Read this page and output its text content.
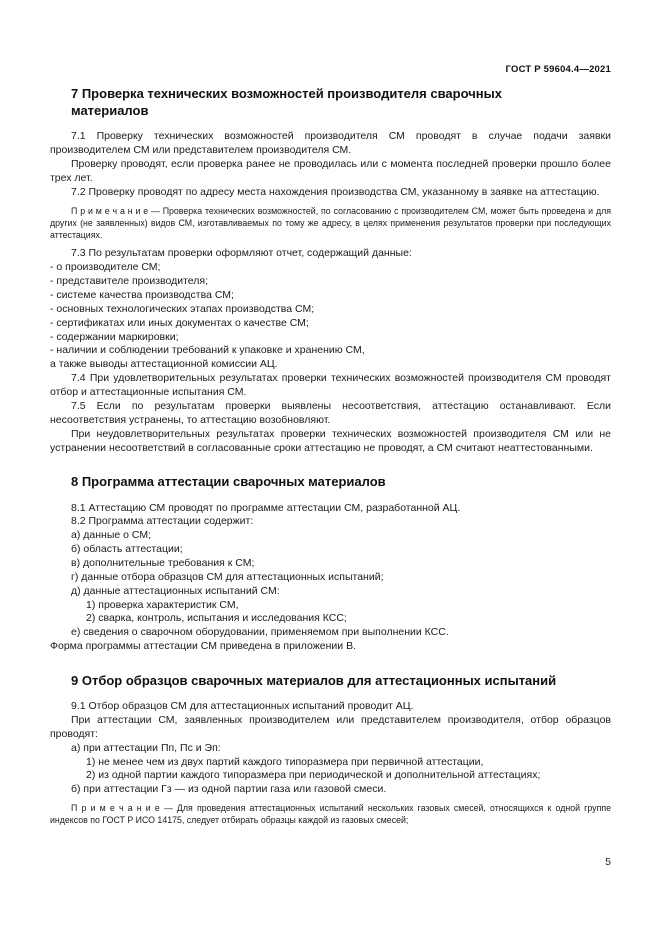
ГОСТ Р 59604.4—2021
7 Проверка технических возможностей производителя сварочных материалов

7.1 Проверку технических возможностей производителя СМ проводят в случае подачи заявки производителем СМ или представителем производителя СМ.

Проверку проводят, если проверка ранее не проводилась или с момента последней проверки прошло более трех лет.

7.2 Проверку проводят по адресу места нахождения производства СМ, указанному в заявке на аттестацию.

П р и м е ч а н и е — Проверка технических возможностей, по согласованию с производителем СМ, может быть проведена и для других (не заявленных) видов СМ, изготавливаемых по тому же адресу, в целях применения результатов проверки при последующих аттестациях.

7.3 По результатам проверки оформляют отчет, содержащий данные:

- о производителе СМ;

- представителе производителя;

- системе качества производства СМ;

- основных технологических этапах производства СМ;

- сертификатах или иных документах о качестве СМ;

- содержании маркировки;

- наличии и соблюдении требований к упаковке и хранению СМ,

а также выводы аттестационной комиссии АЦ.

7.4 При удовлетворительных результатах проверки технических возможностей производителя СМ проводят отбор и аттестационные испытания СМ.

7.5 Если по результатам проверки выявлены несоответствия, аттестацию останавливают. Если несоответствия устранены, то аттестацию возобновляют.

При неудовлетворительных результатах проверки технических возможностей производителя СМ или не устранении несоответствий в согласованные сроки аттестацию не проводят, а СМ считают неаттестованными.

8 Программа аттестации сварочных материалов

8.1 Аттестацию СМ проводят по программе аттестации СМ, разработанной АЦ.

8.2 Программа аттестации содержит:

а) данные о СМ;

б) область аттестации;

в) дополнительные требования к СМ;

г) данные отбора образцов СМ для аттестационных испытаний;

д) данные аттестационных испытаний СМ:

1) проверка характеристик СМ,

2) сварка, контроль, испытания и исследования КСС;

е) сведения о сварочном оборудовании, применяемом при выполнении КСС.

Форма программы аттестации СМ приведена в приложении В.

9 Отбор образцов сварочных материалов для аттестационных испытаний

9.1 Отбор образцов СМ для аттестационных испытаний проводит АЦ.

При аттестации СМ, заявленных производителем или представителем производителя, отбор образцов проводят:

а) при аттестации Пп, Пс и Эп:

1) не менее чем из двух партий каждого типоразмера при первичной аттестации,

2) из одной партии каждого типоразмера при периодической и дополнительной аттестациях;

б) при аттестации Гз — из одной партии газа или газовой смеси.

П р и м е ч а н и е — Для проведения аттестационных испытаний нескольких газовых смесей, относящихся к одной группе индексов по ГОСТ Р ИСО 14175, следует отбирать образцы каждой из газовых смесей;

5
